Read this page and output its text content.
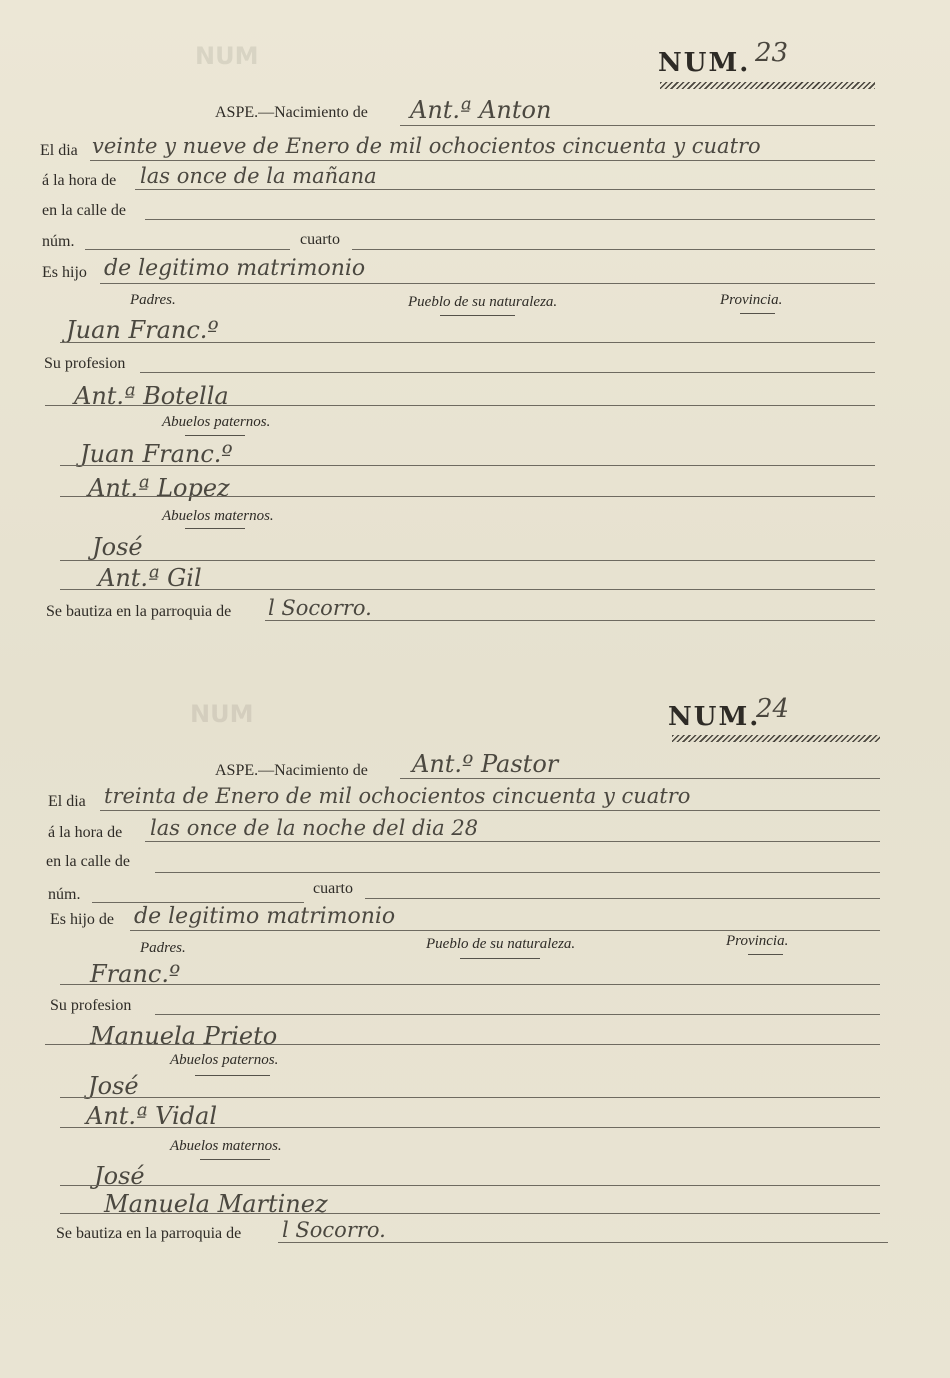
NUM
NUM
NUM. 23
ASPE.—Nacimiento de Ant.ª Anton
El dia veinte y nueve de Enero de mil ochocientos cincuenta y cuatro
á la hora de las once de la mañana
en la calle de
núm.	cuarto
Es hijo de legitimo matrimonio
Padres.	Pueblo de su naturaleza.	Provincia.
Juan Franc.º
Su profesion
Ant.ª Botella
Abuelos paternos.
Juan Franc.º
Ant.ª Lopez
Abuelos maternos.
José
Ant.ª Gil
Se bautiza en la parroquia de l Socorro.
NUM.
24
ASPE.—Nacimiento de Ant.º Pastor
El dia treinta de Enero de mil ochocientos cincuenta y cuatro
á la hora de las once de la noche del dia 28
en la calle de
núm.	cuarto
Es hijo de de legitimo matrimonio
Padres.	Pueblo de su naturaleza.	Provincia.
Franc.º
Su profesion
Manuela Prieto
Abuelos paternos.
José
Ant.ª Vidal
Abuelos maternos.
José
Manuela Martinez
Se bautiza en la parroquia de l Socorro.
